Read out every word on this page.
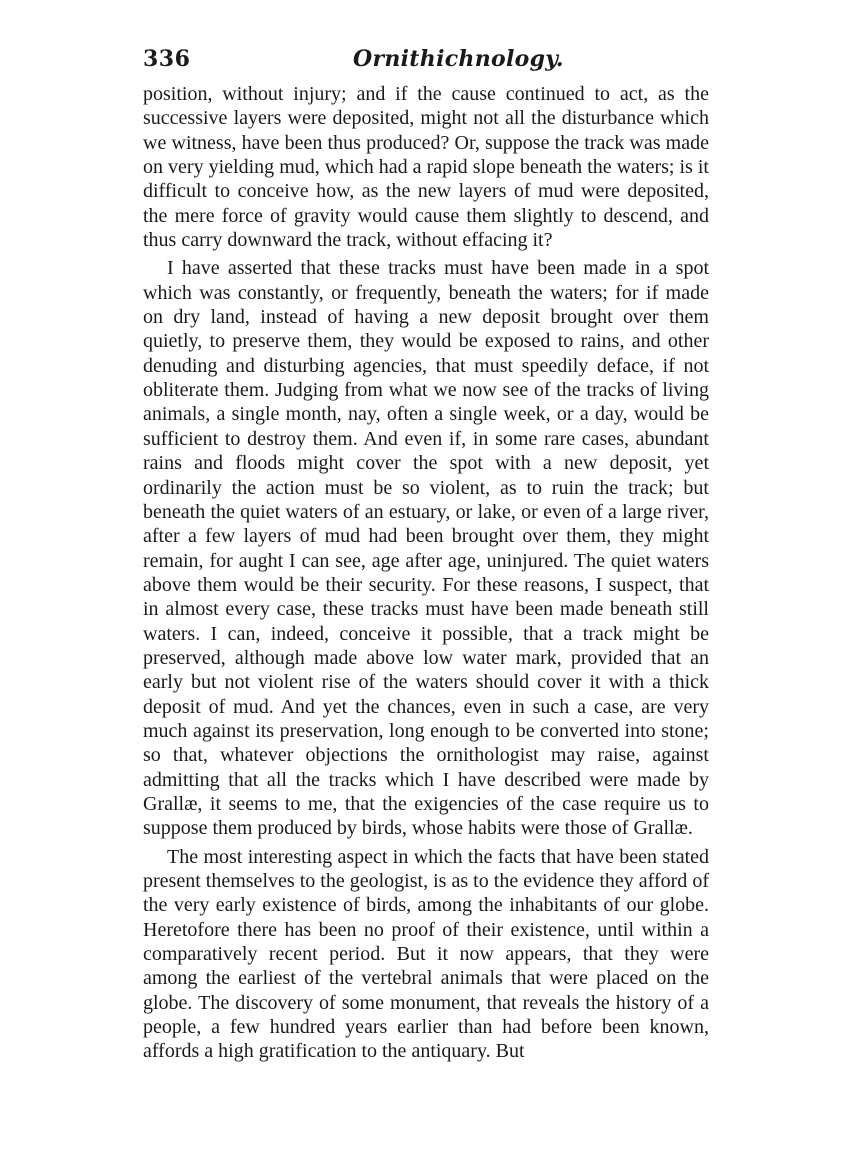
336	Ornithichnology.

position, without injury; and if the cause continued to act, as the successive layers were deposited, might not all the disturbance which we witness, have been thus produced? Or, suppose the track was made on very yielding mud, which had a rapid slope beneath the waters; is it difficult to conceive how, as the new layers of mud were deposited, the mere force of gravity would cause them slightly to descend, and thus carry downward the track, without effacing it?

I have asserted that these tracks must have been made in a spot which was constantly, or frequently, beneath the waters; for if made on dry land, instead of having a new deposit brought over them quietly, to preserve them, they would be exposed to rains, and other denuding and disturbing agencies, that must speedily deface, if not obliterate them. Judging from what we now see of the tracks of living animals, a single month, nay, often a single week, or a day, would be sufficient to destroy them. And even if, in some rare cases, abundant rains and floods might cover the spot with a new deposit, yet ordinarily the action must be so violent, as to ruin the track; but beneath the quiet waters of an estuary, or lake, or even of a large river, after a few layers of mud had been brought over them, they might remain, for aught I can see, age after age, uninjured. The quiet waters above them would be their security. For these reasons, I suspect, that in almost every case, these tracks must have been made beneath still waters. I can, indeed, conceive it possible, that a track might be preserved, although made above low water mark, provided that an early but not violent rise of the waters should cover it with a thick deposit of mud. And yet the chances, even in such a case, are very much against its preservation, long enough to be converted into stone; so that, whatever objections the ornithologist may raise, against admitting that all the tracks which I have described were made by Grallæ, it seems to me, that the exigencies of the case require us to suppose them produced by birds, whose habits were those of Grallæ.

The most interesting aspect in which the facts that have been stated present themselves to the geologist, is as to the evidence they afford of the very early existence of birds, among the inhabitants of our globe. Heretofore there has been no proof of their existence, until within a comparatively recent period. But it now appears, that they were among the earliest of the vertebral animals that were placed on the globe. The discovery of some monument, that reveals the history of a people, a few hundred years earlier than had before been known, affords a high gratification to the antiquary. But
